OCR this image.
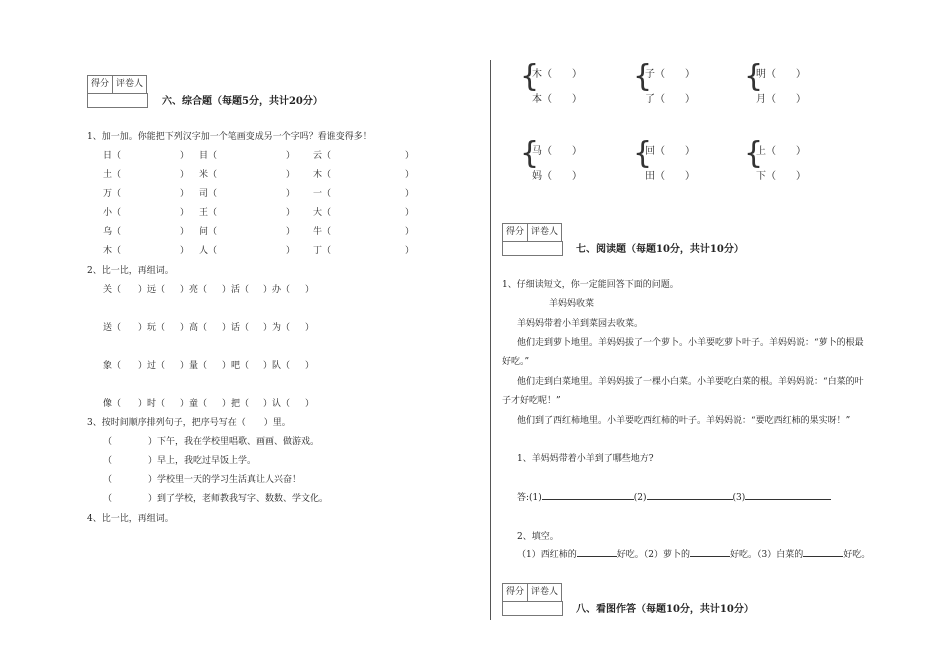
得分 评卷人
六、综合题（每题5分，共计20分）
1、加一加。你能把下列汉字加一个笔画变成另一个字吗？看谁变得多！
日（	） 目（	） 云（	）
土（	） 米（	） 木（	）
万（	） 司（	） 一（	）
小（	） 王（	） 大（	）
乌（	） 问（	） 牛（	）
木（	） 人（	） 丁（	）
2、比一比，再组词。
关（ ）远（ ）亮（ ）活（ ）办（ ）
送（ ）玩（ ）高（ ）话（ ）为（ ）
象（ ）过（ ）量（ ）吧（ ）队（ ）
像（ ）时（ ）童（ ）把（ ）认（ ）
3、按时间顺序排列句子，把序号写在（　　）里。
（　　　　）下午，我在学校里唱歌、画画、做游戏。
（　　　　）早上，我吃过早饭上学。
（　　　　）学校里一天的学习生活真让人兴奋！
（　　　　）到了学校，老师教我写字、数数、学文化。
4、比一比，再组词。
{
木（　　）
本（　　）
{
子（　　）
了（　　）
{
明（　　）
月（　　）
{
马（　　）
妈（　　）
{
回（　　）
田（　　）
{
上（　　）
下（　　）
得分 评卷人
七、阅读题（每题10分，共计10分）
1、仔细读短文，你一定能回答下面的问题。
羊妈妈收菜
羊妈妈带着小羊到菜园去收菜。
他们走到萝卜地里。羊妈妈拔了一个萝卜。小羊要吃萝卜叶子。羊妈妈说：“萝卜的根最
好吃。”
他们走到白菜地里。羊妈妈拔了一棵小白菜。小羊要吃白菜的根。羊妈妈说：“白菜的叶
子才好吃呢！”
他们到了西红柿地里。小羊要吃西红柿的叶子。羊妈妈说：“要吃西红柿的果实呀！”
1、羊妈妈带着小羊到了哪些地方?
答:(1)	(2)	(3)
2、填空。
（1）西红柿的	好吃。（2）萝卜的	好吃。（3）白菜的	好吃。
得分 评卷人
八、看图作答（每题10分，共计10分）
